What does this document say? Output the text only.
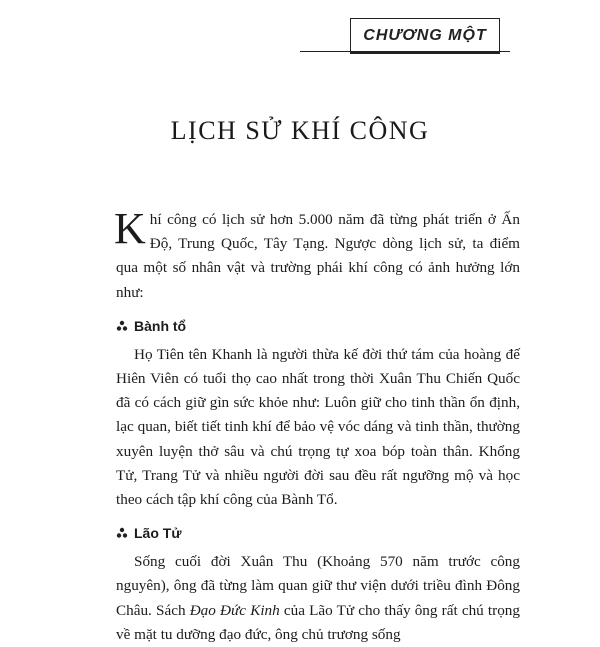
CHƯƠNG MỘT
LỊCH SỬ KHÍ CÔNG

Khí công có lịch sử hơn 5.000 năm đã từng phát triển ở Ấn Độ, Trung Quốc, Tây Tạng. Ngược dòng lịch sử, ta điểm qua một số nhân vật và trường phái khí công có ảnh hưởng lớn như:

Bành tổ

Họ Tiên tên Khanh là người thừa kế đời thứ tám của hoàng đế Hiên Viên có tuổi thọ cao nhất trong thời Xuân Thu Chiến Quốc đã có cách giữ gìn sức khỏe như: Luôn giữ cho tinh thần ổn định, lạc quan, biết tiết tinh khí để bảo vệ vóc dáng và tinh thần, thường xuyên luyện thở sâu và chú trọng tự xoa bóp toàn thân. Khổng Tử, Trang Tử và nhiều người đời sau đều rất ngưỡng mộ và học theo cách tập khí công của Bành Tổ.

Lão Tử

Sống cuối đời Xuân Thu (Khoảng 570 năm trước công nguyên), ông đã từng làm quan giữ thư viện dưới triều đình Đông Châu. Sách Đạo Đức Kinh của Lão Tử cho thấy ông rất chú trọng về mặt tu dưỡng đạo đức, ông chủ trương sống
